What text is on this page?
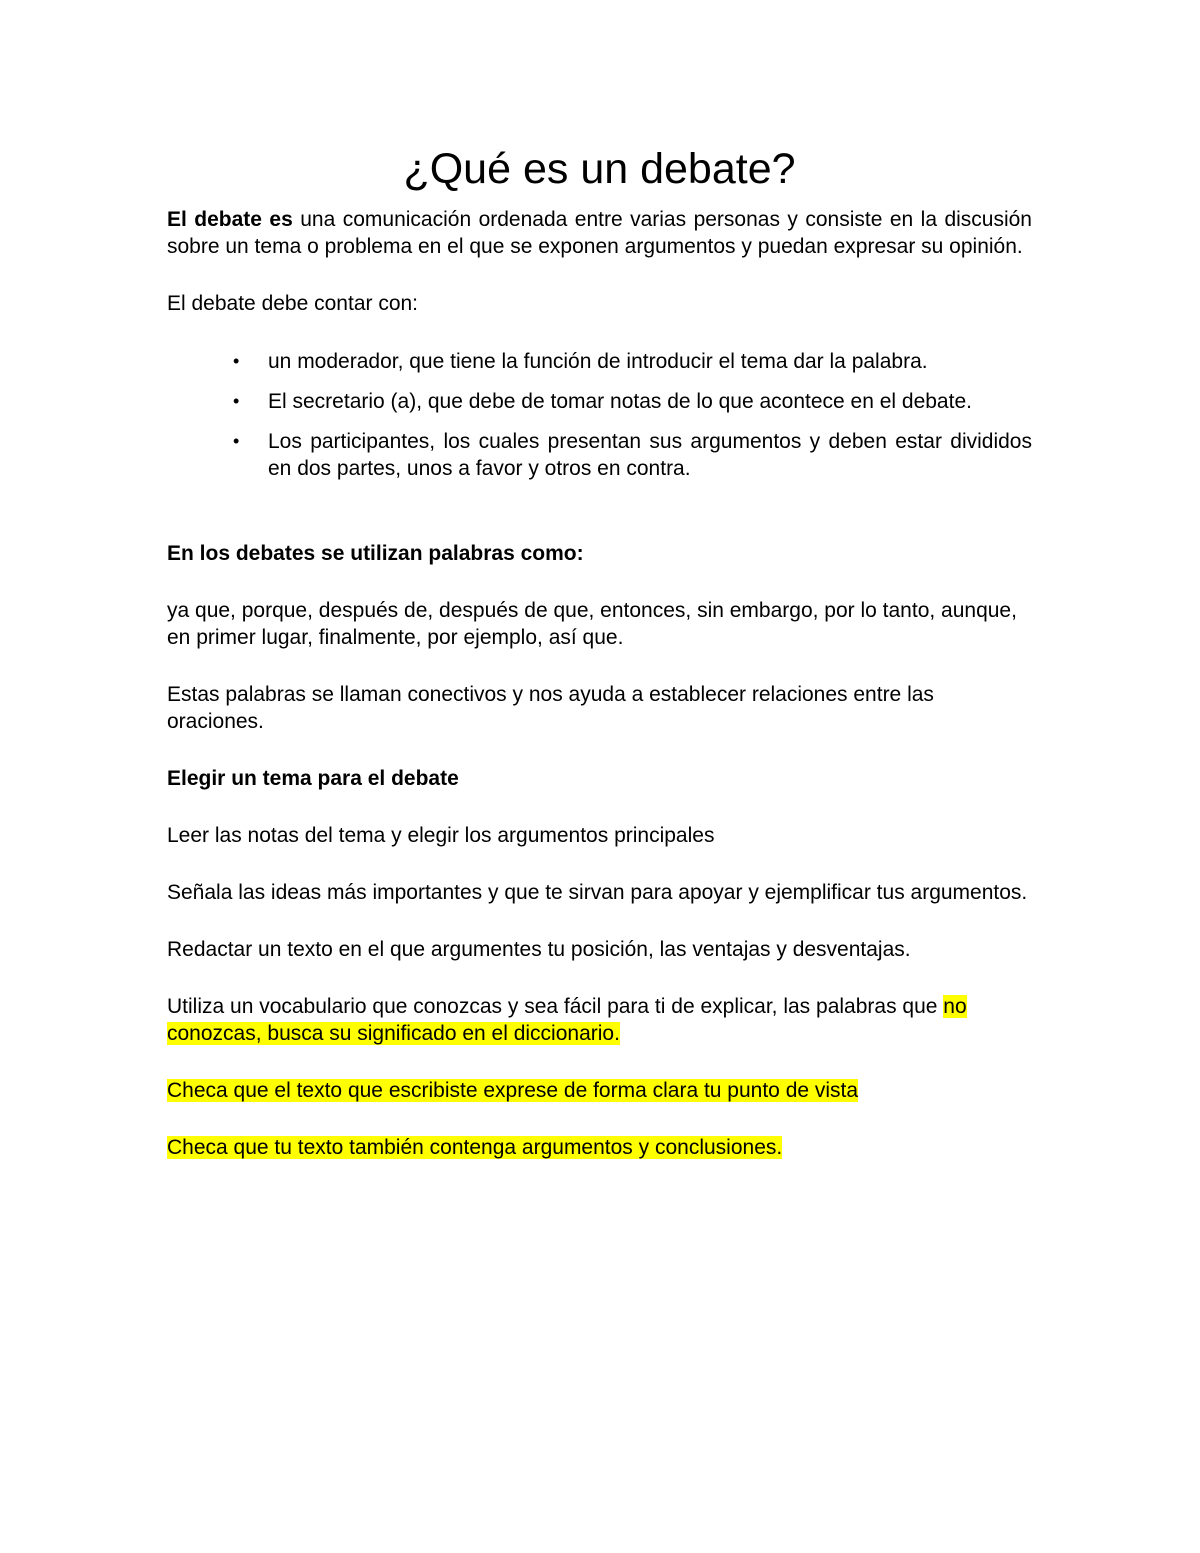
¿Qué es un debate?

El debate es una comunicación ordenada entre varias personas y consiste en la discusión sobre un tema o problema en el que se exponen argumentos y puedan expresar su opinión.

El debate debe contar con:

• un moderador, que tiene la función de introducir el tema dar la palabra.
• El secretario (a), que debe de tomar notas de lo que acontece en el debate.
• Los participantes, los cuales presentan sus argumentos y deben estar divididos en dos partes, unos a favor y otros en contra.

En los debates se utilizan palabras como:

ya que, porque, después de, después de que, entonces, sin embargo, por lo tanto, aunque, en primer lugar, finalmente, por ejemplo, así que.

Estas palabras se llaman conectivos y nos ayuda a establecer relaciones entre las oraciones.

Elegir un tema para el debate

Leer las notas del tema y elegir los argumentos principales

Señala las ideas más importantes y que te sirvan para apoyar y ejemplificar tus argumentos.

Redactar un texto en el que argumentes tu posición, las ventajas y desventajas.

Utiliza un vocabulario que conozcas y sea fácil para ti de explicar, las palabras que no conozcas, busca su significado en el diccionario.

Checa que el texto que escribiste exprese de forma clara tu punto de vista

Checa que tu texto también contenga argumentos y conclusiones.
